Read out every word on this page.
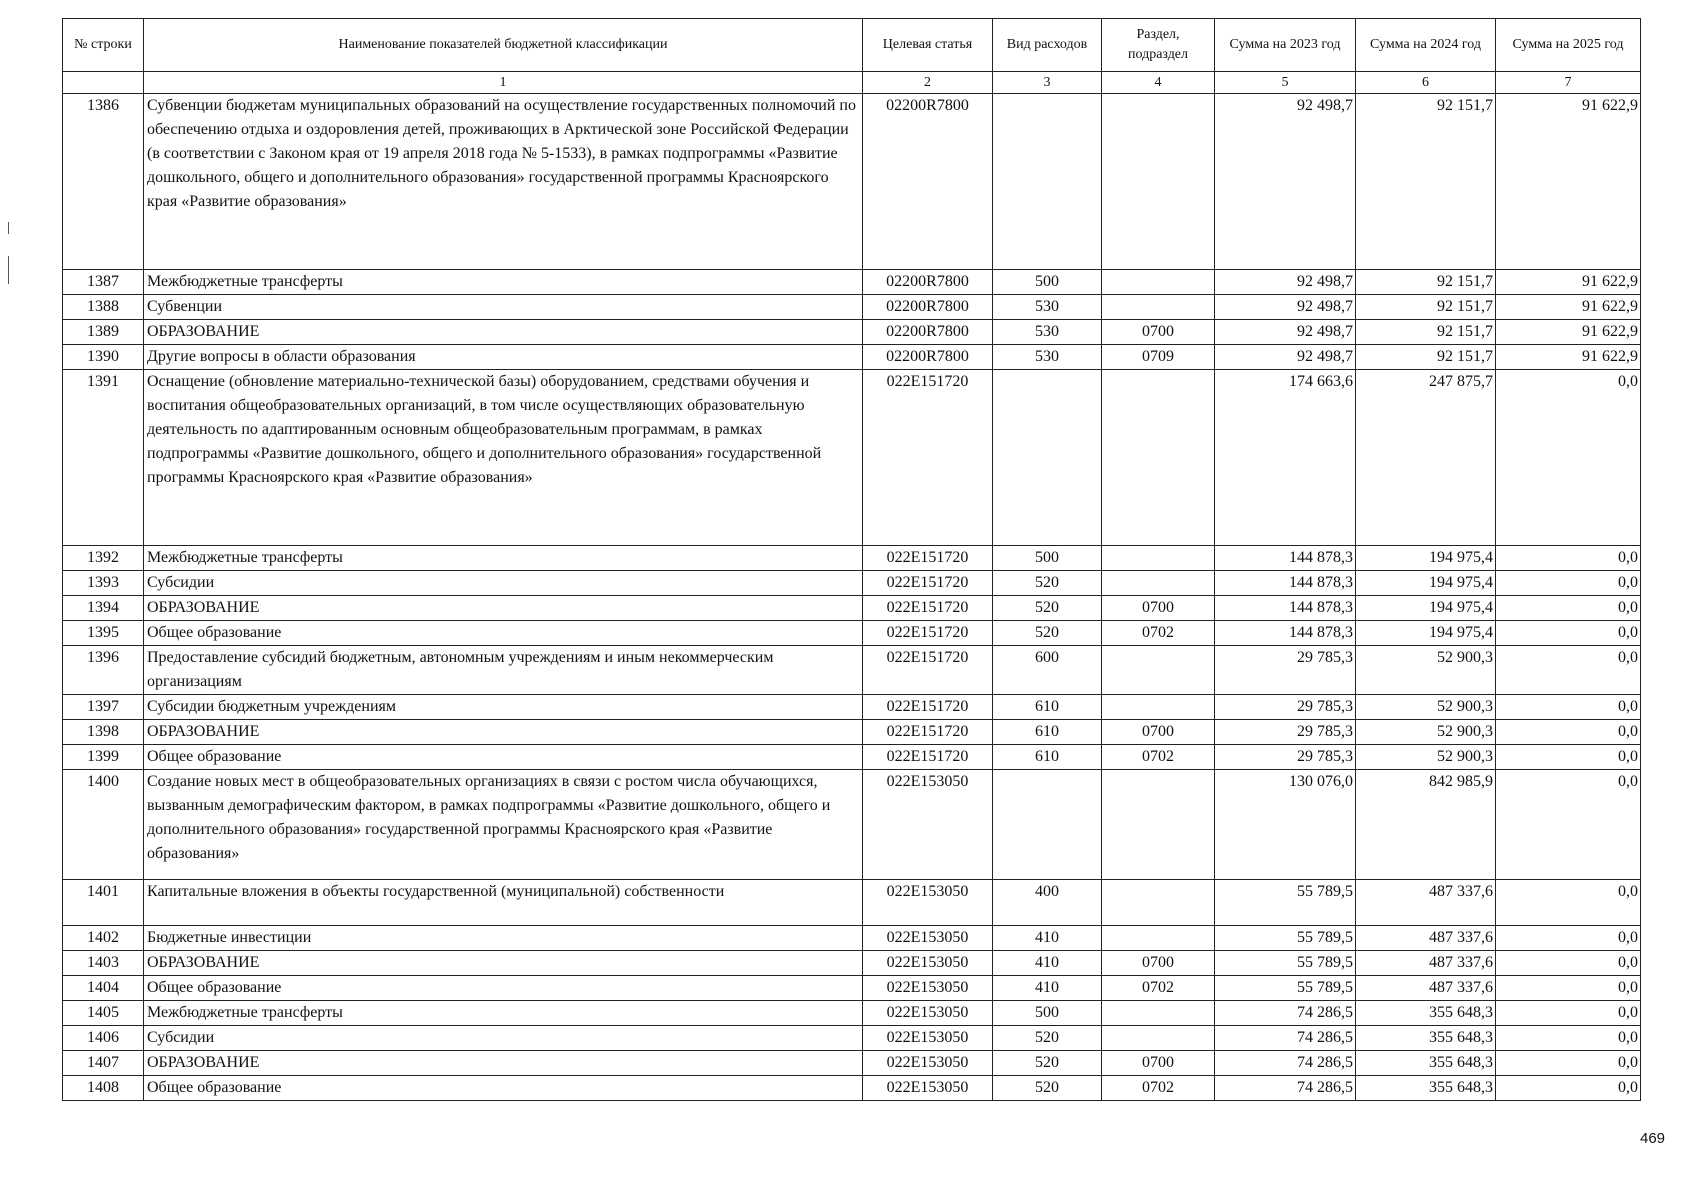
№ строки	Наименование показателей бюджетной классификации	Целевая статья	Вид расходов	Раздел, подраздел	Сумма на 2023 год	Сумма на 2024 год	Сумма на 2025 год
	1	2	3	4	5	6	7
1386	Субвенции бюджетам муниципальных образований на осуществление государственных полномочий по обеспечению отдыха и оздоровления детей, проживающих в Арктической зоне Российской Федерации (в соответствии с Законом края от 19 апреля 2018 года № 5-1533), в рамках подпрограммы «Развитие дошкольного, общего и дополнительного образования» государственной программы Красноярского края «Развитие образования»	02200R7800			92 498,7	92 151,7	91 622,9
1387	Межбюджетные трансферты	02200R7800	500		92 498,7	92 151,7	91 622,9
1388	Субвенции	02200R7800	530		92 498,7	92 151,7	91 622,9
1389	ОБРАЗОВАНИЕ	02200R7800	530	0700	92 498,7	92 151,7	91 622,9
1390	Другие вопросы в области образования	02200R7800	530	0709	92 498,7	92 151,7	91 622,9
1391	Оснащение (обновление материально-технической базы) оборудованием, средствами обучения и воспитания общеобразовательных организаций, в том числе осуществляющих образовательную деятельность по адаптированным основным общеобразовательным программам, в рамках подпрограммы «Развитие дошкольного, общего и дополнительного образования» государственной программы Красноярского края «Развитие образования»	022E151720			174 663,6	247 875,7	0,0
1392	Межбюджетные трансферты	022E151720	500		144 878,3	194 975,4	0,0
1393	Субсидии	022E151720	520		144 878,3	194 975,4	0,0
1394	ОБРАЗОВАНИЕ	022E151720	520	0700	144 878,3	194 975,4	0,0
1395	Общее образование	022E151720	520	0702	144 878,3	194 975,4	0,0
1396	Предоставление субсидий бюджетным, автономным учреждениям и иным некоммерческим организациям	022E151720	600		29 785,3	52 900,3	0,0
1397	Субсидии бюджетным учреждениям	022E151720	610		29 785,3	52 900,3	0,0
1398	ОБРАЗОВАНИЕ	022E151720	610	0700	29 785,3	52 900,3	0,0
1399	Общее образование	022E151720	610	0702	29 785,3	52 900,3	0,0
1400	Создание новых мест в общеобразовательных организациях в связи с ростом числа обучающихся, вызванным демографическим фактором, в рамках подпрограммы «Развитие дошкольного, общего и дополнительного образования» государственной программы Красноярского края «Развитие образования»	022E153050			130 076,0	842 985,9	0,0
1401	Капитальные вложения в объекты государственной (муниципальной) собственности	022E153050	400		55 789,5	487 337,6	0,0
1402	Бюджетные инвестиции	022E153050	410		55 789,5	487 337,6	0,0
1403	ОБРАЗОВАНИЕ	022E153050	410	0700	55 789,5	487 337,6	0,0
1404	Общее образование	022E153050	410	0702	55 789,5	487 337,6	0,0
1405	Межбюджетные трансферты	022E153050	500		74 286,5	355 648,3	0,0
1406	Субсидии	022E153050	520		74 286,5	355 648,3	0,0
1407	ОБРАЗОВАНИЕ	022E153050	520	0700	74 286,5	355 648,3	0,0
1408	Общее образование	022E153050	520	0702	74 286,5	355 648,3	0,0
469
